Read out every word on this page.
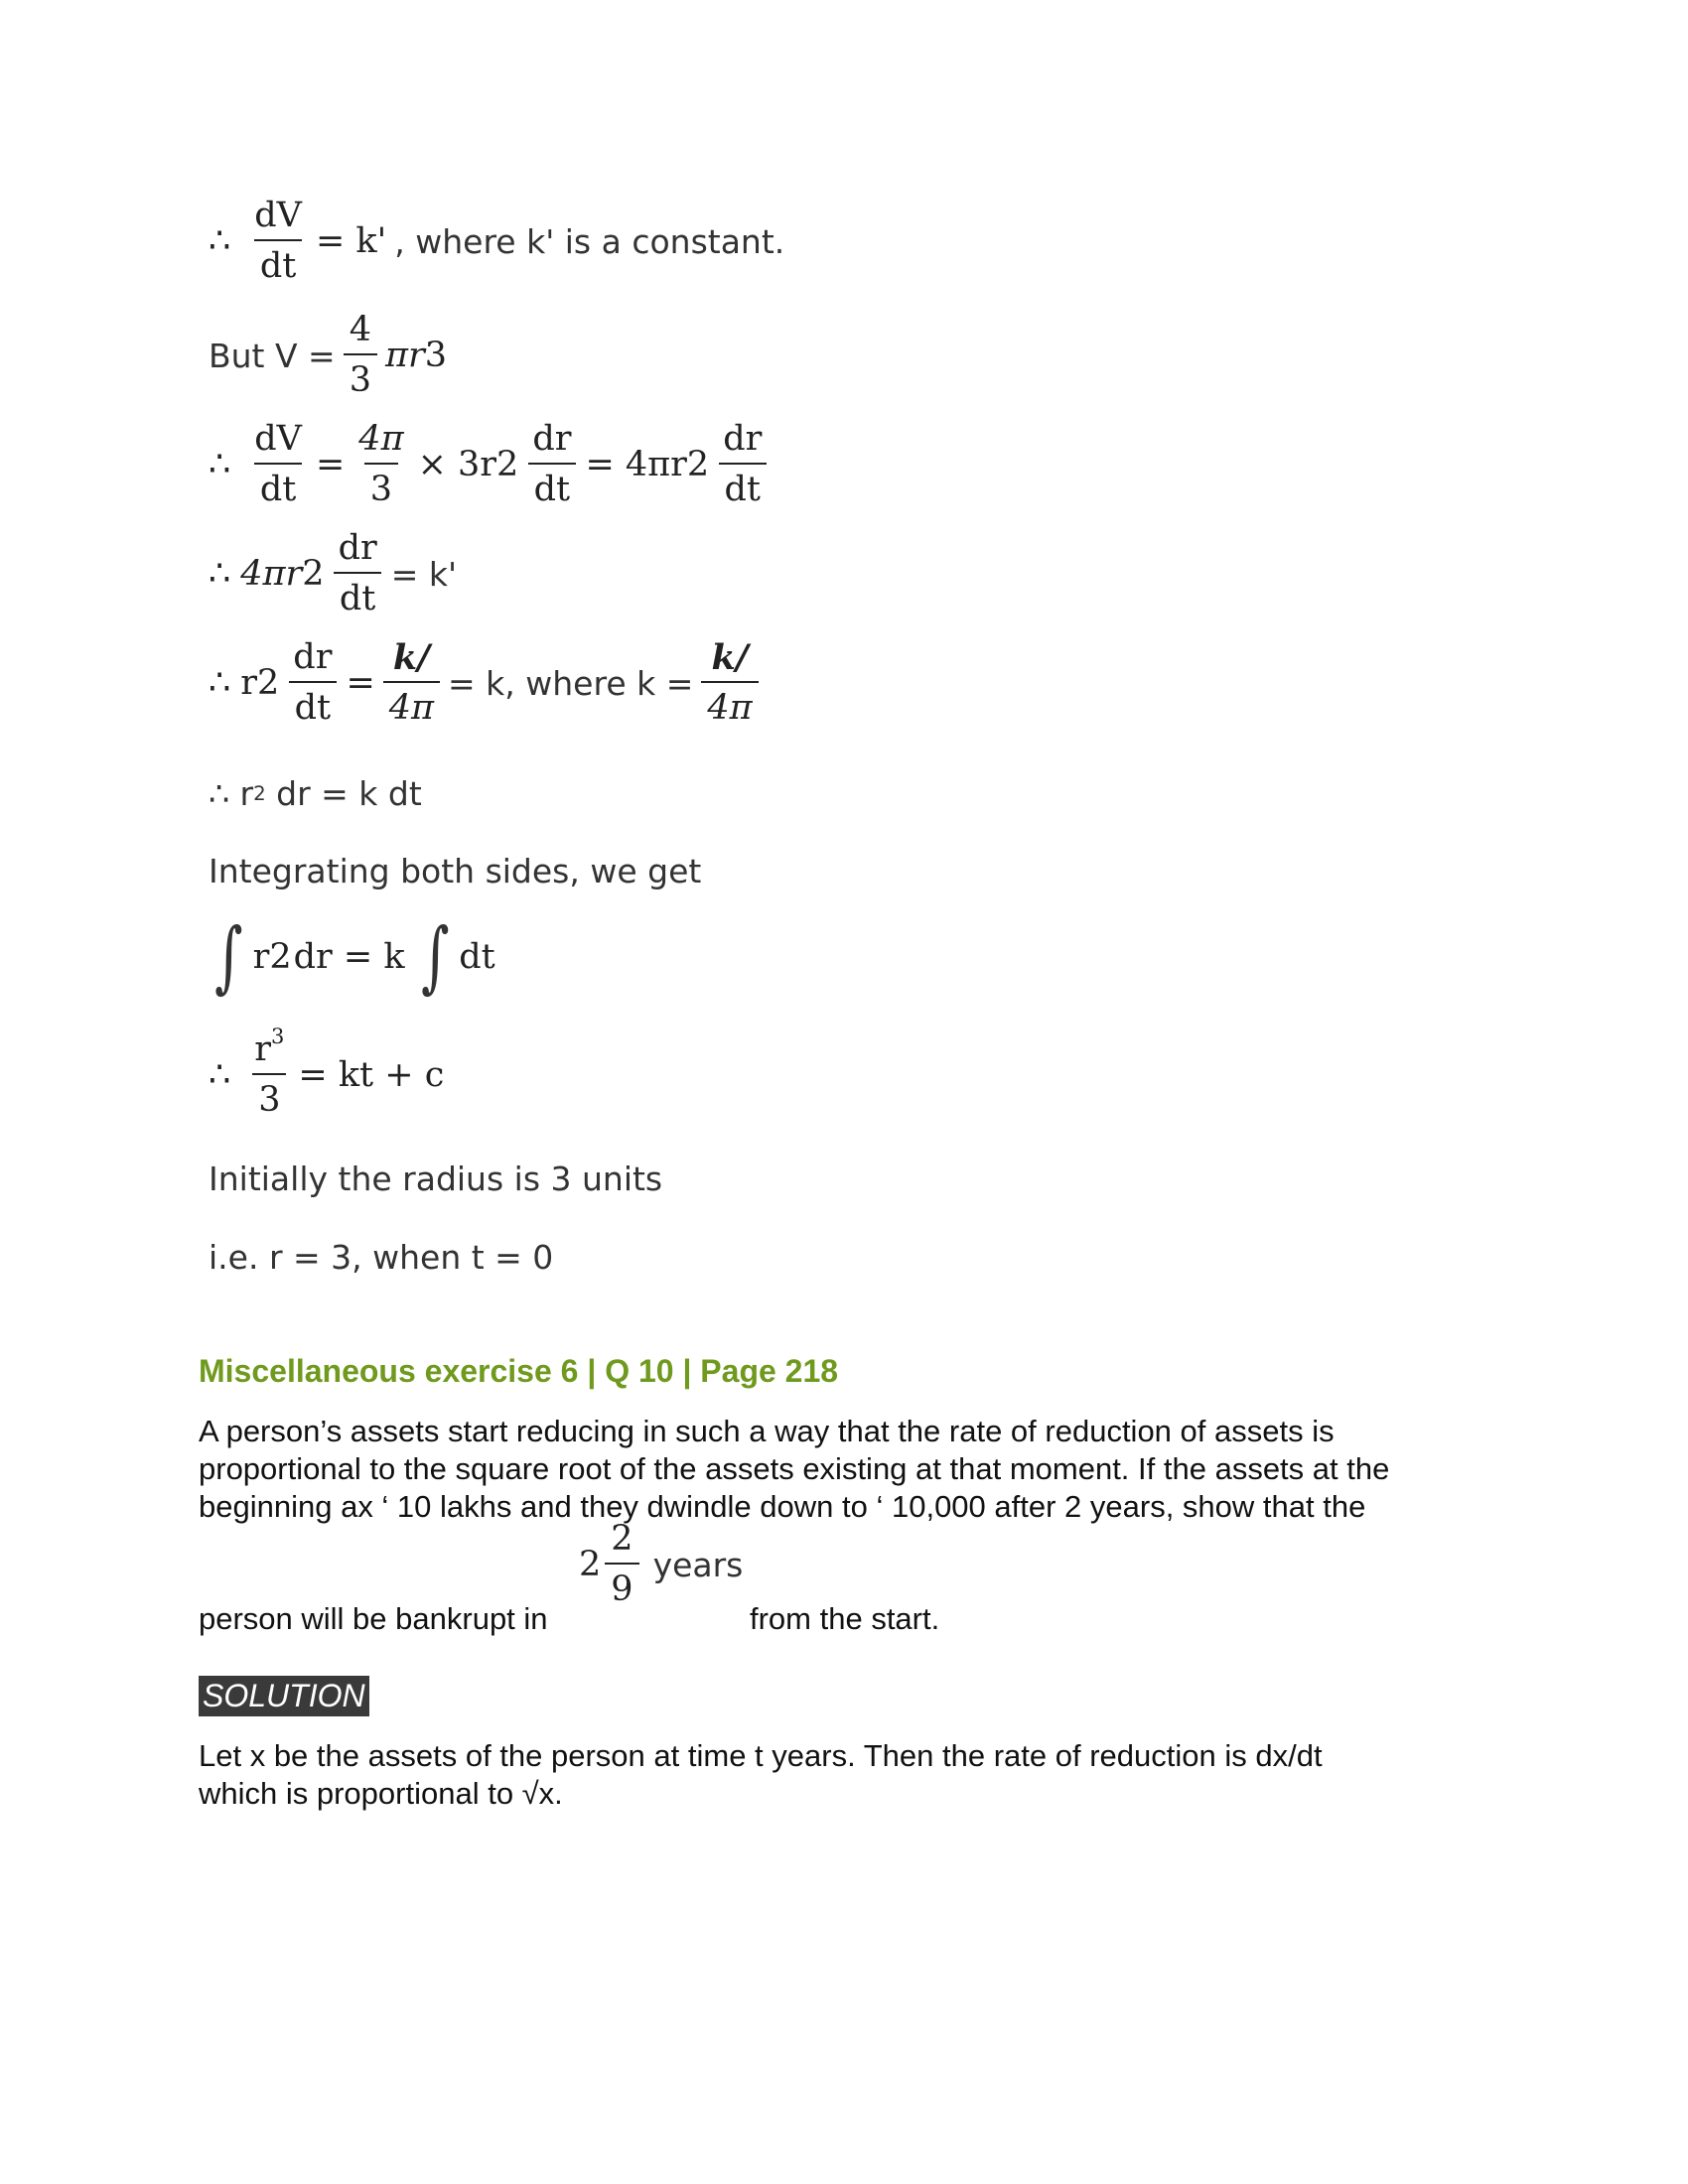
∴ $\frac{dV}{dt} = k'$ , where k' is a constant.
But $V = \frac{4}{3}$ πr 3
∴ $\frac{dV}{dt} = \frac{4\pi}{3} \times 3r$ $2 \frac{dr}{dt} = 4\pi r$ $2 \frac{dr}{dt}$
∴ 4πr $2 \frac{dr}{dt} = k'$
∴ r $2 \frac{dr}{dt} = \frac{k/}{4\pi} = k$, where $k = \frac{k/}{4\pi}$
∴ r 2 dr = k dt
Integrating both sides, we get
∫ r 2 dr = k ∫ dt
∴ $\frac{r^3}{3}$ = kt + c
Initially the radius is 3 units
i.e. r = 3, when t = 0
Miscellaneous exercise 6 | Q 10 | Page 218
A person’s assets start reducing in such a way that the rate of reduction of assets is
proportional to the square root of the assets existing at that moment. If the assets at the
beginning ax ‘ 10 lakhs and they dwindle down to ‘ 10,000 after 2 years, show that the
person will be bankrupt in
$2 \frac{2}{9}$ years
from the start.
SOLUTION
Let x be the assets of the person at time t years. Then the rate of reduction is dx/dt
which is proportional to √x.
